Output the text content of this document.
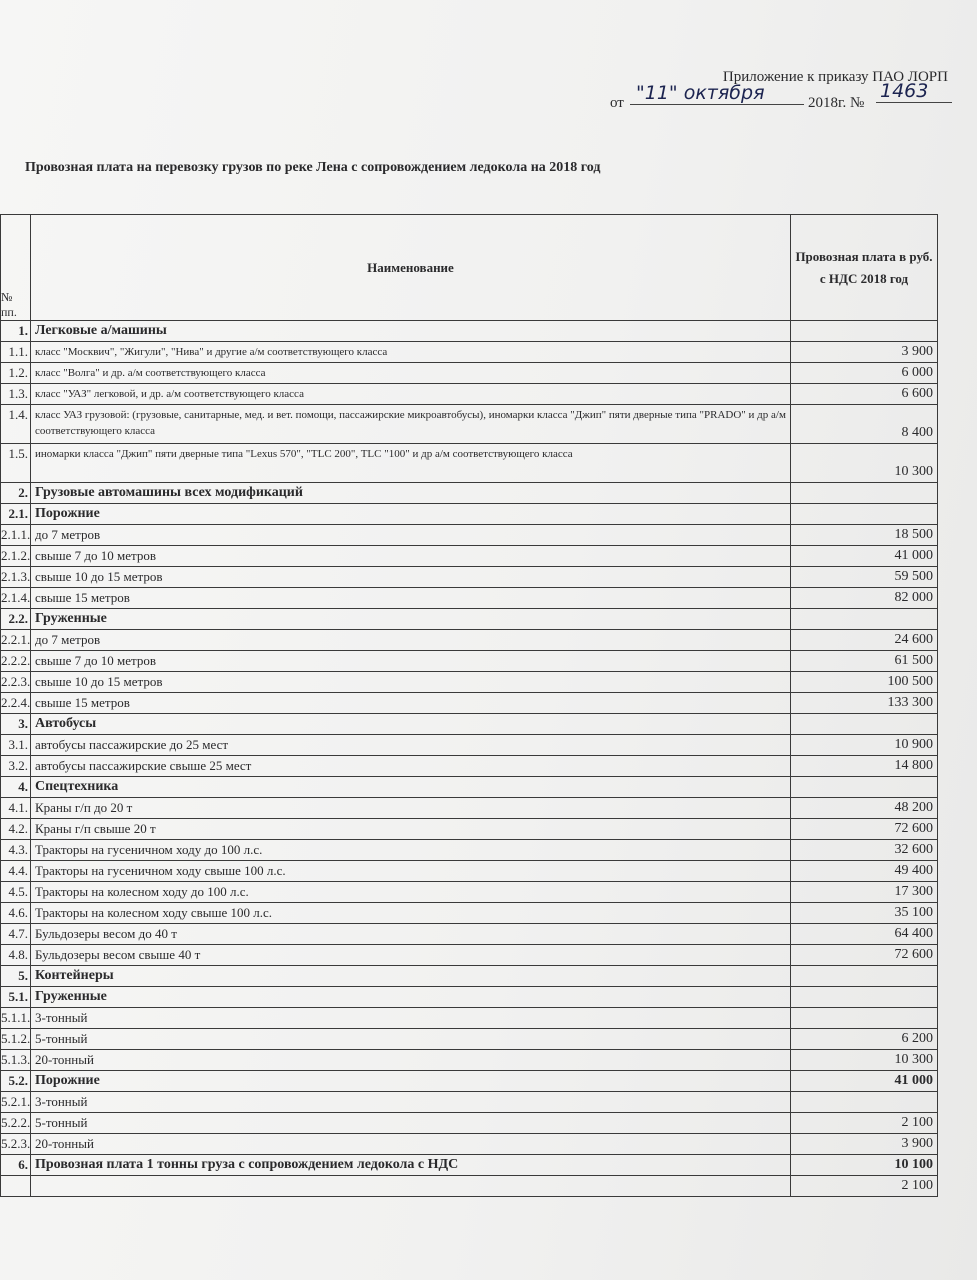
Приложение к приказу ПАО ЛОРП
от "11" октября	2018г. №
1463
Провозная плата на перевозку грузов по реке Лена с сопровождением ледокола на 2018 год
№ пп.	Наименование	Провозная плата в руб. с НДС 2018 год
1.	Легковые а/машины	
1.1.	класс "Москвич", "Жигули", "Нива" и другие а/м соответствующего класса	3 900
1.2.	класс "Волга" и др. а/м соответствующего класса	6 000
1.3.	класс "УАЗ" легковой, и др. а/м соответствующего класса	6 600
1.4.	класс УАЗ грузовой: (грузовые, санитарные, мед. и вет. помощи, пассажирские микроавтобусы), иномарки класса "Джип" пяти дверные типа "PRADO" и др а/м соответствующего класса	8 400
1.5.	иномарки класса "Джип" пяти дверные типа "Lexus 570", "TLC 200", TLC "100" и др а/м соответствующего класса	10 300
2.	Грузовые автомашины всех модификаций	
2.1.	Порожние	
2.1.1.	до 7 метров	18 500
2.1.2.	свыше 7 до 10 метров	41 000
2.1.3.	свыше 10 до 15 метров	59 500
2.1.4.	свыше 15 метров	82 000
2.2.	Груженные	
2.2.1.	до 7 метров	24 600
2.2.2.	свыше 7 до 10 метров	61 500
2.2.3.	свыше 10 до 15 метров	100 500
2.2.4.	свыше 15 метров	133 300
3.	Автобусы	
3.1.	автобусы пассажирские до 25 мест	10 900
3.2.	автобусы пассажирские свыше 25 мест	14 800
4.	Спецтехника	
4.1.	Краны г/п до 20 т	48 200
4.2.	Краны г/п свыше 20 т	72 600
4.3.	Тракторы на гусеничном ходу до 100 л.с.	32 600
4.4.	Тракторы на гусеничном ходу свыше 100 л.с.	49 400
4.5.	Тракторы на колесном ходу до 100 л.с.	17 300
4.6.	Тракторы на колесном ходу свыше 100 л.с.	35 100
4.7.	Бульдозеры весом до 40 т	64 400
4.8.	Бульдозеры весом свыше 40 т	72 600
5.	Контейнеры	
5.1.	Груженные	
5.1.1.	3-тонный	
5.1.2.	5-тонный	6 200
5.1.3.	20-тонный	10 300
5.2.	Порожние	41 000
5.2.1.	3-тонный	
5.2.2.	5-тонный	2 100
5.2.3.	20-тонный	3 900
6.	Провозная плата 1 тонны груза с сопровождением ледокола с НДС	10 100
		2 100
